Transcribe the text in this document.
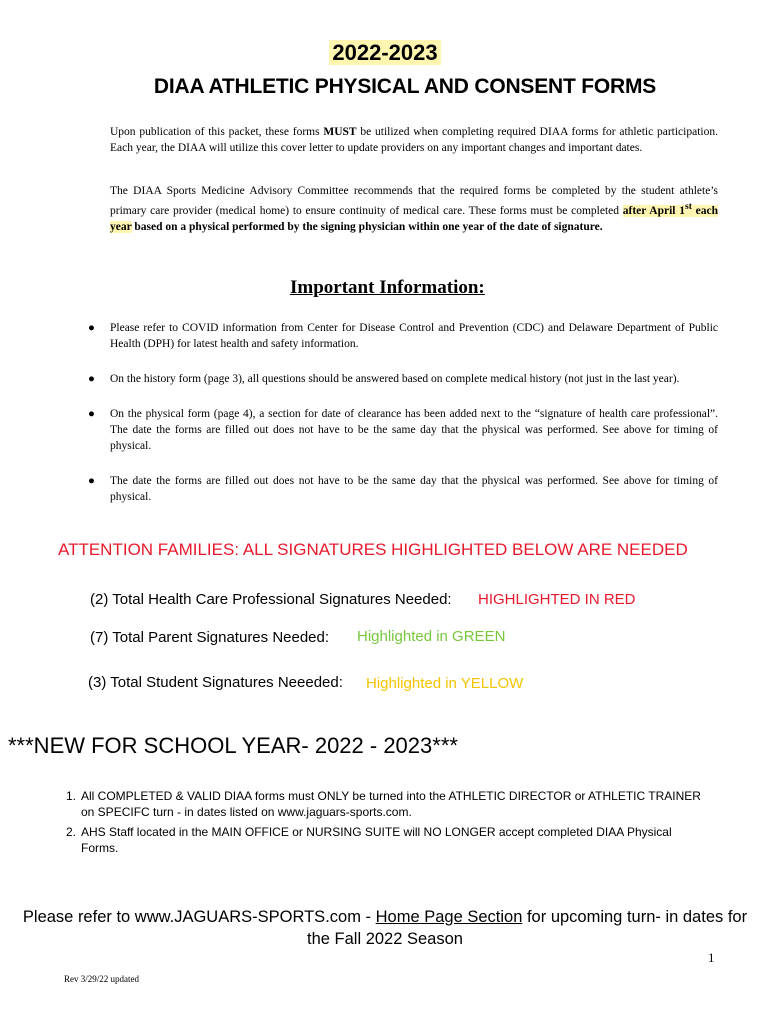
2022-2023
DIAA ATHLETIC PHYSICAL AND CONSENT FORMS
Upon publication of this packet, these forms MUST be utilized when completing required DIAA forms for athletic participation. Each year, the DIAA will utilize this cover letter to update providers on any important changes and important dates.
The DIAA Sports Medicine Advisory Committee recommends that the required forms be completed by the student athlete’s primary care provider (medical home) to ensure continuity of medical care. These forms must be completed after April 1st each year based on a physical performed by the signing physician within one year of the date of signature.
Important Information:
● Please refer to COVID information from Center for Disease Control and Prevention (CDC) and Delaware Department of Public Health (DPH) for latest health and safety information.
● On the history form (page 3), all questions should be answered based on complete medical history (not just in the last year).
● On the physical form (page 4), a section for date of clearance has been added next to the “signature of health care professional”. The date the forms are filled out does not have to be the same day that the physical was performed. See above for timing of physical.
● The date the forms are filled out does not have to be the same day that the physical was performed. See above for timing of physical.
ATTENTION FAMILIES: ALL SIGNATURES HIGHLIGHTED BELOW ARE NEEDED
(2) Total Health Care Professional Signatures Needed: HIGHLIGHTED IN RED
(7) Total Parent Signatures Needed: Highlighted in GREEN
(3) Total Student Signatures Neeeded: Highlighted in YELLOW
***NEW FOR SCHOOL YEAR- 2022 - 2023***
1. All COMPLETED & VALID DIAA forms must ONLY be turned into the ATHLETIC DIRECTOR or ATHLETIC TRAINER on SPECIFC turn - in dates listed on www.jaguars-sports.com.
2. AHS Staff located in the MAIN OFFICE or NURSING SUITE will NO LONGER accept completed DIAA Physical Forms.
Please refer to www.JAGUARS-SPORTS.com - Home Page Section for upcoming turn- in dates for the Fall 2022 Season
1
Rev 3/29/22 updated
